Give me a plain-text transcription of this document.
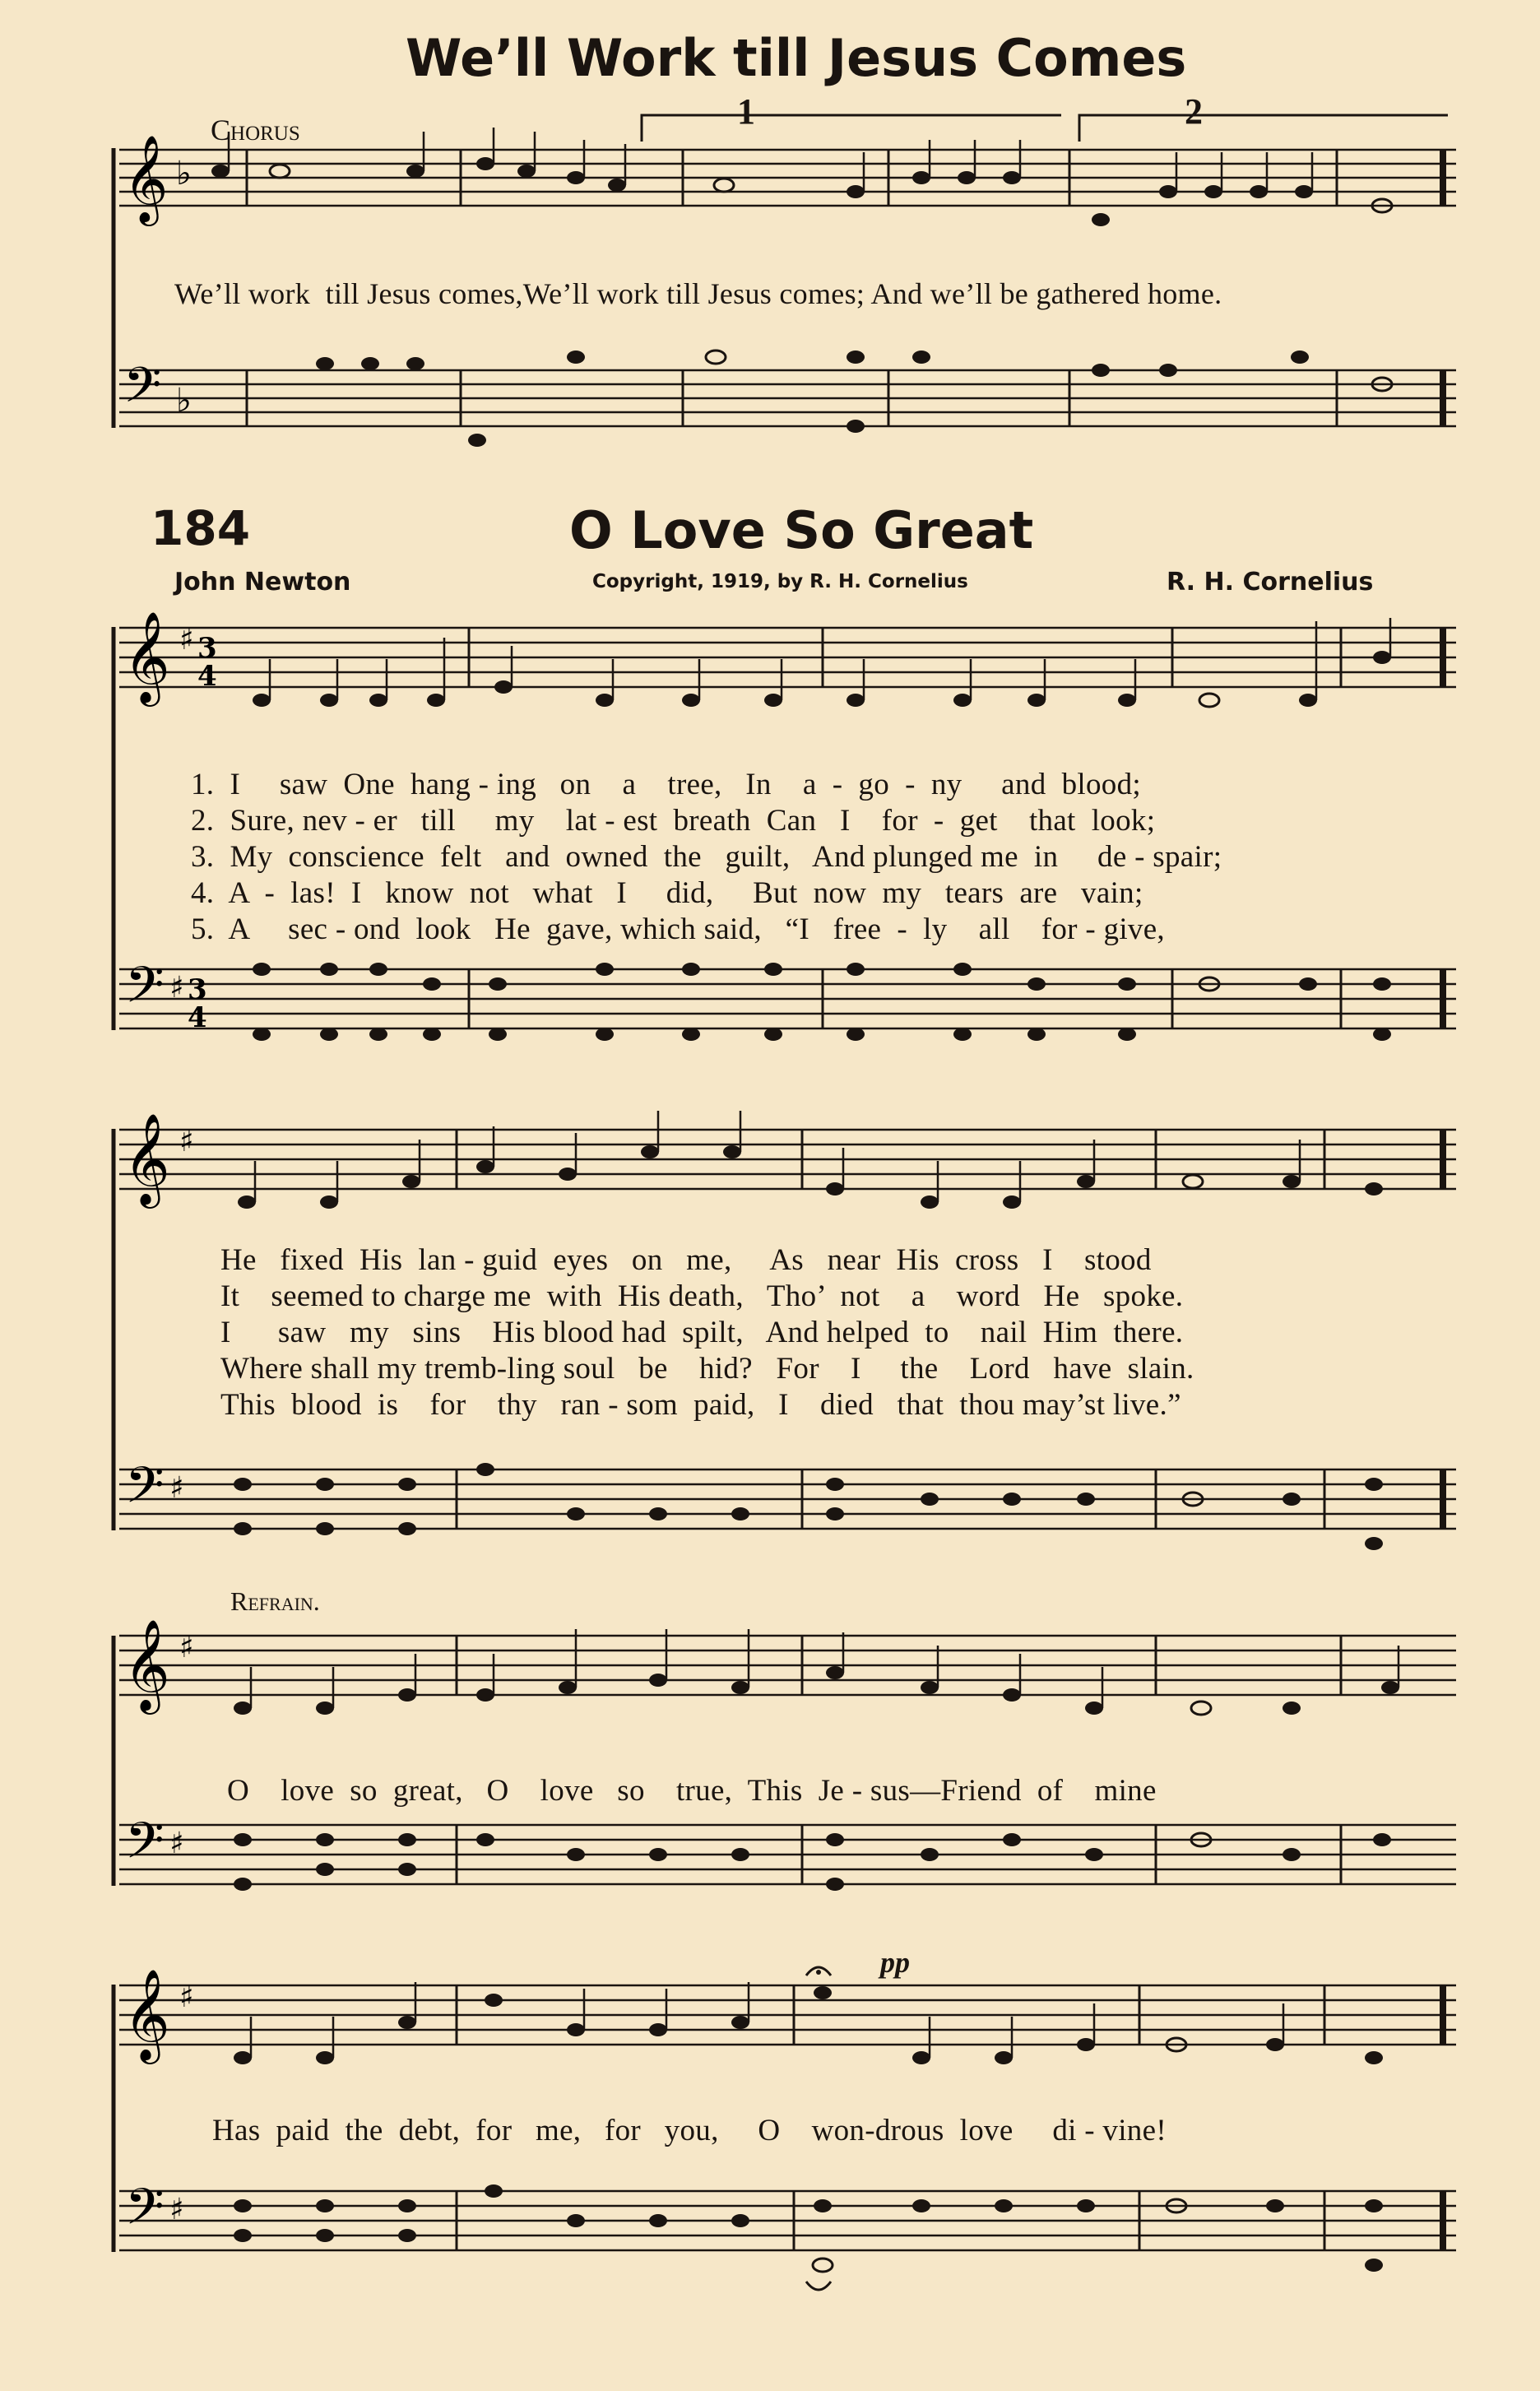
We’ll Work till Jesus Comes
Chorus	1	2
𝄞 ♭
We’ll work  till Jesus comes,We’ll work till Jesus comes; And we’ll be gathered home.
𝄢 ♭
184	O Love So Great
John Newton	Copyright, 1919, by R. H. Cornelius	R. H. Cornelius
𝄞 ♯ 3
4
1.  I     saw  One  hang - ing   on    a    tree,   In    a  -  go  -  ny     and  blood;
2.  Sure, nev - er   till     my    lat - est  breath  Can   I    for  -  get    that  look;
3.  My  conscience  felt   and  owned  the   guilt,   And plunged me  in     de - spair;
4.  A  -  las!  I   know  not   what   I     did,     But  now  my   tears  are   vain;
5.  A     sec - ond  look   He  gave, which said,   “I   free  -  ly    all    for - give,
𝄢 ♯ 3
4
𝄞 ♯
He   fixed  His  lan - guid  eyes   on   me,     As   near  His  cross   I    stood
It    seemed to charge me  with  His death,   Tho’  not    a    word   He   spoke.
I      saw   my   sins    His blood had  spilt,   And helped  to    nail  Him  there.
Where shall my tremb-ling soul   be    hid?   For    I     the    Lord   have  slain.
This  blood  is    for    thy   ran - som  paid,   I    died   that  thou may’st live.”
𝄢 ♯
Refrain.
𝄞 ♯
O    love  so  great,   O    love   so    true,  This  Je - sus—Friend  of    mine
𝄢 ♯
pp
𝄞 ♯
Has  paid  the  debt,  for   me,   for   you,     O    won-drous  love     di - vine!
𝄢 ♯
